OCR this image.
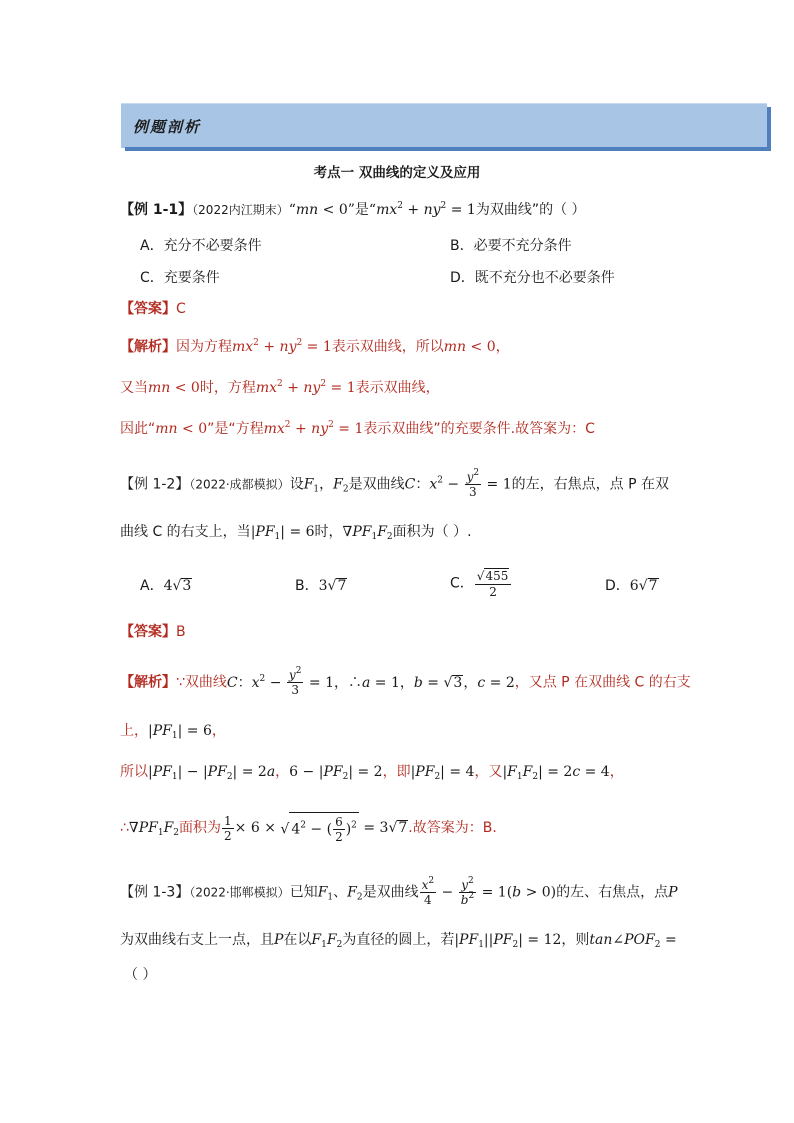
例题剖析
考点一 双曲线的定义及应用
【例 1-1】（2022内江期末）“mn < 0”是“$mx^2 + ny^2 = 1$为双曲线”的（ ）
A．充分不必要条件	B．必要不充分条件
C．充要条件	D．既不充分也不必要条件
【答案】C
【解析】因为方程$mx^2 + ny^2 = 1$表示双曲线，所以mn < 0，
又当mn < 0时，方程$mx^2 + ny^2 = 1$表示双曲线，
因此“mn < 0”是“方程$mx^2 + ny^2 = 1$表示双曲线”的充要条件.故答案为：C
【例 1-2】（2022·成都模拟）设$F_1$，$F_2$是双曲线C：$x^2 - \frac{y^2}{3} = 1$的左，右焦点，点 P 在双
曲线 C 的右支上，当$|PF_1| = 6$时，$\nabla PF_1F_2$面积为（ ）.
A．4√3	B．3√7	C． $\frac{√455}{2}$	D．6√7
【答案】B
【解析】∵双曲线C：$x^2 - \frac{y^2}{3} = 1$，∴a = 1，b = √3，c = 2，又点 P 在双曲线 C 的右支
上，$|PF_1| = 6$，
所以$|PF_1| - |PF_2| = 2a$，$6 - |PF_2| = 2$，即$|PF_2| = 4$，又$|F_1F_2| = 2c = 4$，
$\therefore\nabla PF_1F_2$面积为 $\frac{1}{2} \times 6$ × √ $4^2$ − ( $\frac{6}{2} )^2 = 3√7$.故答案为：B.
【例 1-3】（2022·邯郸模拟）已知$F_1$、$F_2$是双曲线 $\frac{x^2}{4} - \frac{y^2}{b^2} = 1(b > 0)$的左、右焦点，点P
为双曲线右支上一点，且P在以$F_1F_2$为直径的圆上，若$|PF_1||PF_2| = 12$，则$\tan\angle POF_2$ =
（ ）
